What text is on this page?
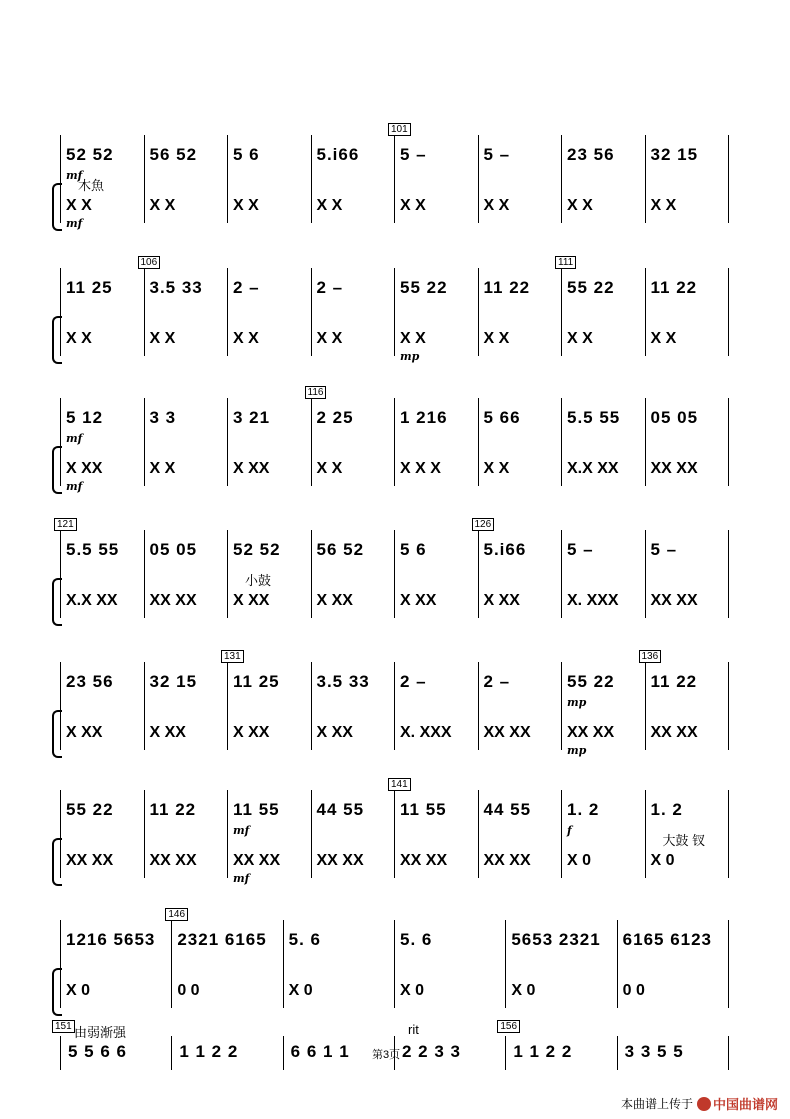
52 52
X X
56 52
X X
5 6
X X
5.i66
X X
5 –
X X
5 –
X X
23 56
X X
32 15
X X
101
木魚
mf
mf
11 25
X X
3.5 33
X X
2 –
X X
2 –
X X
55 22
X X
11 22
X X
55 22
X X
11 22
X X
106	111
mp
5 12
X XX
3 3
X X
3 21
X XX
2 25
X X
1 216
X X X
5 66
X X
5.5 55
X.X XX
05 05
XX XX
116
mf
mf
5.5 55
X.X XX
05 05
XX XX
52 52
X XX
56 52
X XX
5 6
X XX
5.i66
X XX
5 –
X. XXX
5 –
XX XX
121	126
小鼓
23 56
X XX
32 15
X XX
11 25
X XX
3.5 33
X XX
2 –
X. XXX
2 –
XX XX
55 22
XX XX
11 22
XX XX
131	136
mp
mp
55 22
XX XX
11 22
XX XX
11 55
XX XX
44 55
XX XX
11 55
XX XX
44 55
XX XX
1. 2
X 0
1. 2
X 0
141
大鼓 钗
mf
mf
f
1216 5653
X 0
2321 6165
0 0
5. 6
X 0
5. 6
X 0
5653 2321
X 0
6165 6123
0 0
146
5 5 6 6	1 1 2 2	6 6 1 1	2 2 3 3	1 1 2 2	3 3 5 5
151	156
由弱渐强	rit
第3页
本曲谱上传于 中国曲谱网
